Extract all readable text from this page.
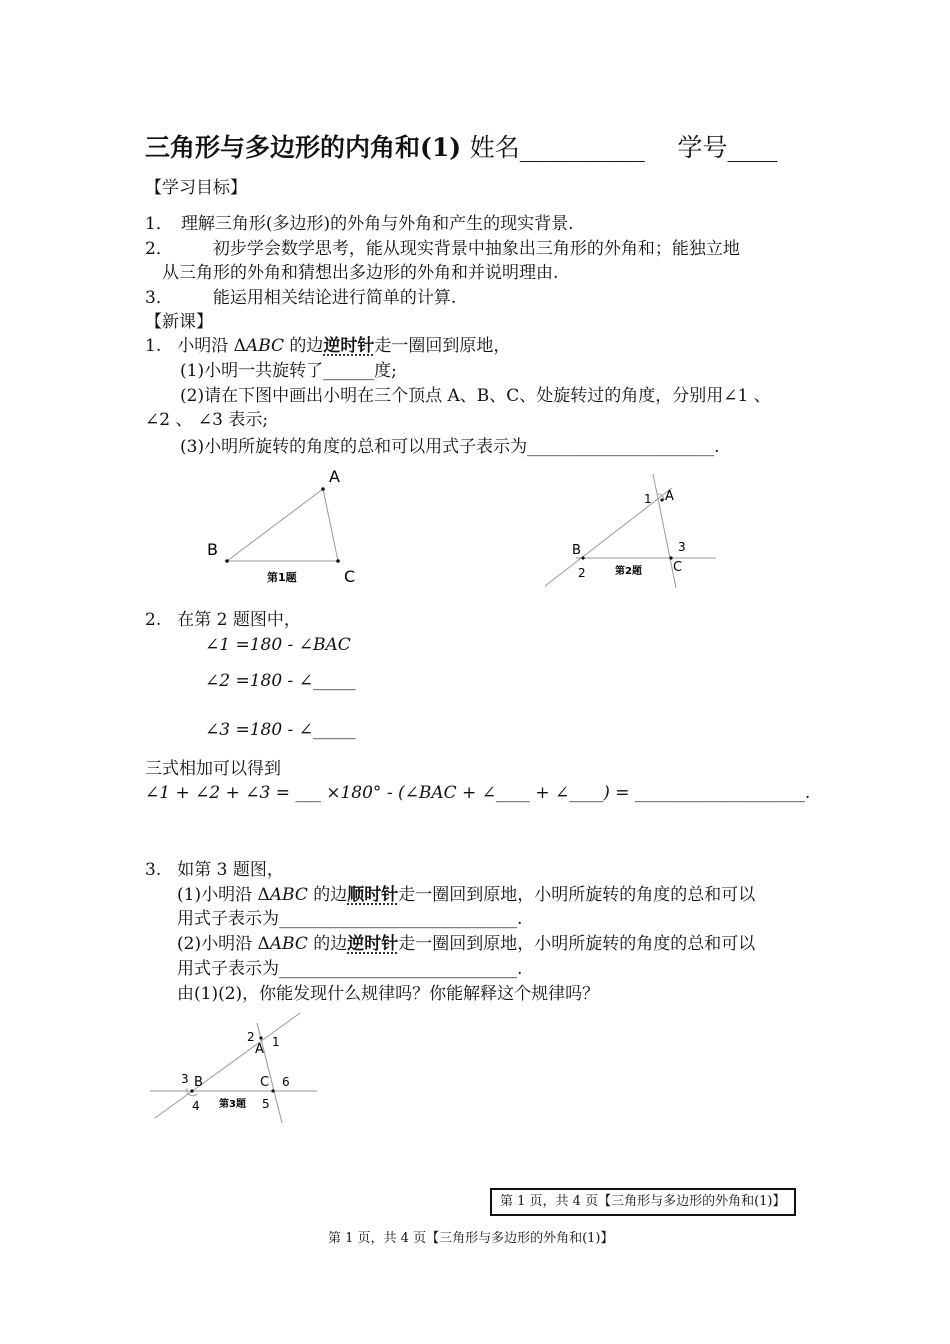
三角形与多边形的内角和(1) 姓名__________ 学号____
【学习目标】
1． 理解三角形(多边形)的外角与外角和产生的现实背景.
2． 初步学会数学思考，能从现实背景中抽象出三角形的外角和；能独立地
从三角形的外角和猜想出多边形的外角和并说明理由.
3． 能运用相关结论进行简单的计算.
【新课】
1. 小明沿 ΔABC 的边逆时针走一圈回到原地，
(1)小明一共旋转了______度;
(2)请在下图中画出小明在三个顶点 A、B、C、处旋转过的角度，分别用∠1 、
∠2 、 ∠3 表示;
(3)小明所旋转的角度的总和可以用式子表示为______________________.
A
B
C
第1题
A
B
C
1
2
3
第2题
2. 在第 2 题图中，
∠1 =180 - ∠BAC
∠2 =180 - ∠_____
∠3 =180 - ∠_____
三式相加可以得到
∠1 + ∠2 + ∠3 = ___ ×180° - (∠BAC + ∠____ + ∠____) = ____________________.
3. 如第 3 题图，
(1)小明沿 ΔABC 的边顺时针走一圈回到原地，小明所旋转的角度的总和可以
用式子表示为____________________________.
(2)小明沿 ΔABC 的边逆时针走一圈回到原地，小明所旋转的角度的总和可以
用式子表示为____________________________.
由(1)(2)，你能发现什么规律吗？你能解释这个规律吗？
A
B	C
1
2
3
4	5
6
第3题
第 1 页，共 4 页【三角形与多边形的外角和(1)】
第 1 页，共 4 页【三角形与多边形的外角和(1)】
